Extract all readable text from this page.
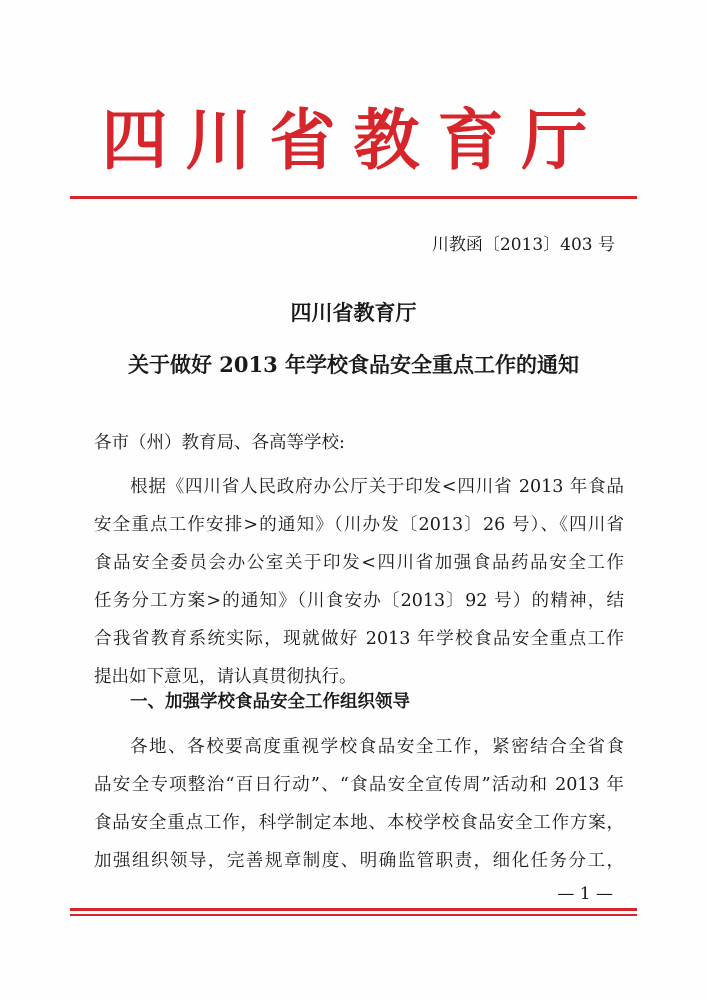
四川省教育厅
川教函〔2013〕403 号
四川省教育厅
关于做好 2013 年学校食品安全重点工作的通知
各市（州）教育局、各高等学校:
根据《四川省人民政府办公厅关于印发<四川省 2013 年食品
安全重点工作安排>的通知》（川办发〔2013〕26 号）、《四川省
食品安全委员会办公室关于印发<四川省加强食品药品安全工作
任务分工方案>的通知》（川食安办〔2013〕92 号）的精神，结
合我省教育系统实际，现就做好 2013 年学校食品安全重点工作
提出如下意见，请认真贯彻执行。
一、加强学校食品安全工作组织领导
各地、各校要高度重视学校食品安全工作，紧密结合全省食
品安全专项整治“百日行动”、“食品安全宣传周”活动和 2013 年
食品安全重点工作，科学制定本地、本校学校食品安全工作方案，
加强组织领导，完善规章制度、明确监管职责，细化任务分工，
— 1 —
